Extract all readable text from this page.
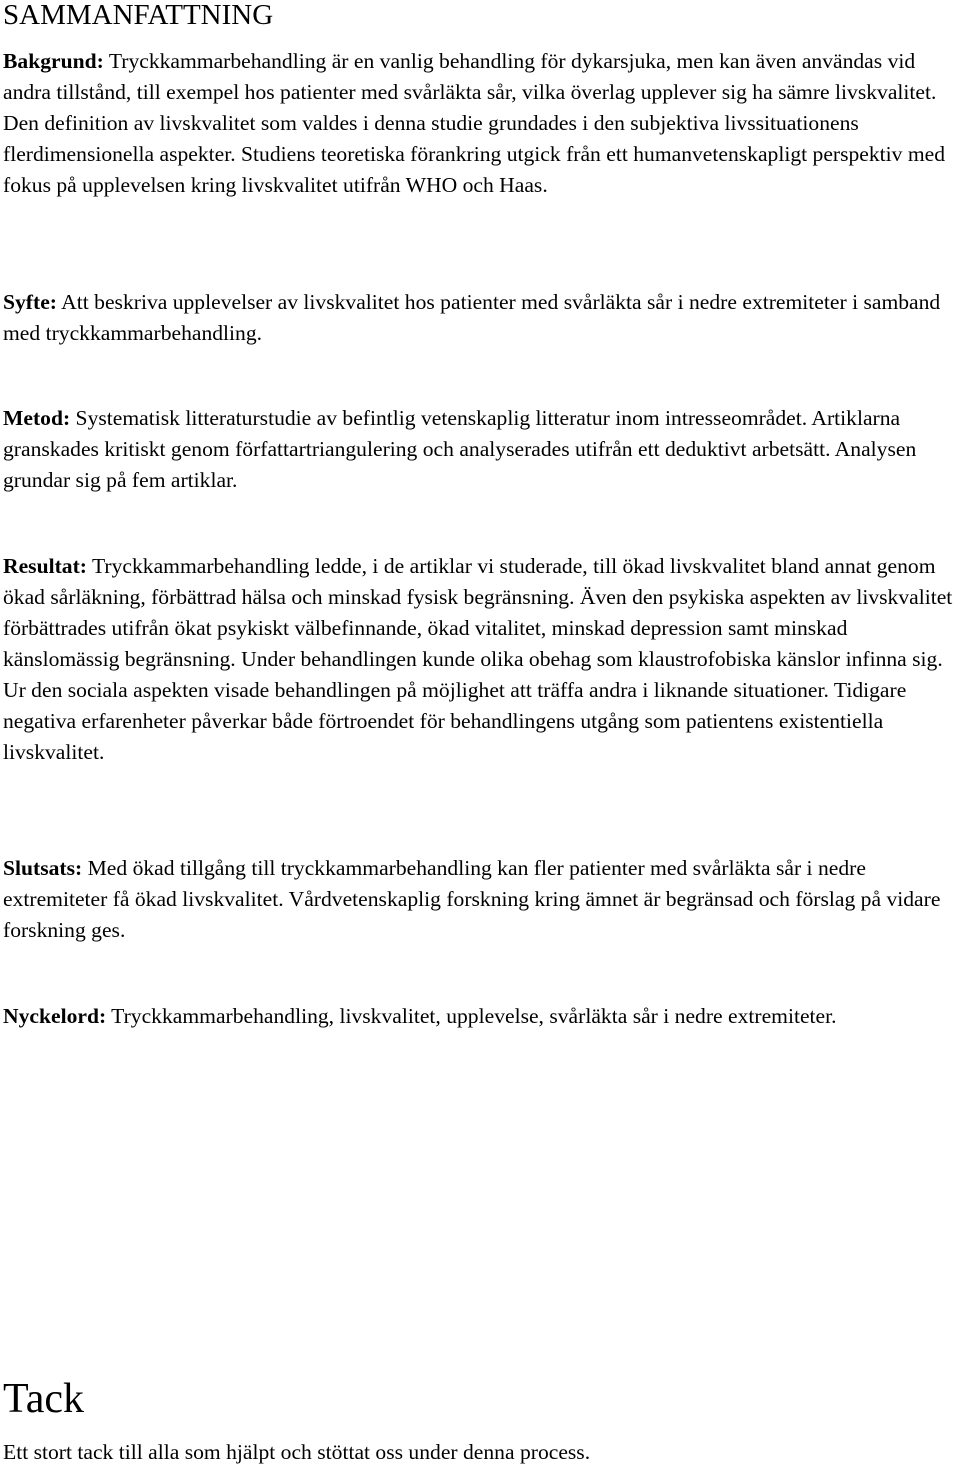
SAMMANFATTNING

Bakgrund: Tryckkammarbehandling är en vanlig behandling för dykarsjuka, men kan även användas vid andra tillstånd, till exempel hos patienter med svårläkta sår, vilka överlag upplever sig ha sämre livskvalitet. Den definition av livskvalitet som valdes i denna studie grundades i den subjektiva livssituationens flerdimensionella aspekter. Studiens teoretiska förankring utgick från ett humanvetenskapligt perspektiv med fokus på upplevelsen kring livskvalitet utifrån WHO och Haas.

Syfte: Att beskriva upplevelser av livskvalitet hos patienter med svårläkta sår i nedre extremiteter i samband med tryckkammarbehandling.

Metod: Systematisk litteraturstudie av befintlig vetenskaplig litteratur inom intresseområdet. Artiklarna granskades kritiskt genom författartriangulering och analyserades utifrån ett deduktivt arbetsätt. Analysen grundar sig på fem artiklar.

Resultat: Tryckkammarbehandling ledde, i de artiklar vi studerade, till ökad livskvalitet bland annat genom ökad sårläkning, förbättrad hälsa och minskad fysisk begränsning. Även den psykiska aspekten av livskvalitet förbättrades utifrån ökat psykiskt välbefinnande, ökad vitalitet, minskad depression samt minskad känslomässig begränsning. Under behandlingen kunde olika obehag som klaustrofobiska känslor infinna sig. Ur den sociala aspekten visade behandlingen på möjlighet att träffa andra i liknande situationer. Tidigare negativa erfarenheter påverkar både förtroendet för behandlingens utgång som patientens existentiella livskvalitet.

Slutsats: Med ökad tillgång till tryckkammarbehandling kan fler patienter med svårläkta sår i nedre extremiteter få ökad livskvalitet. Vårdvetenskaplig forskning kring ämnet är begränsad och förslag på vidare forskning ges.

Nyckelord: Tryckkammarbehandling, livskvalitet, upplevelse, svårläkta sår i nedre extremiteter.

Tack

Ett stort tack till alla som hjälpt och stöttat oss under denna process.
